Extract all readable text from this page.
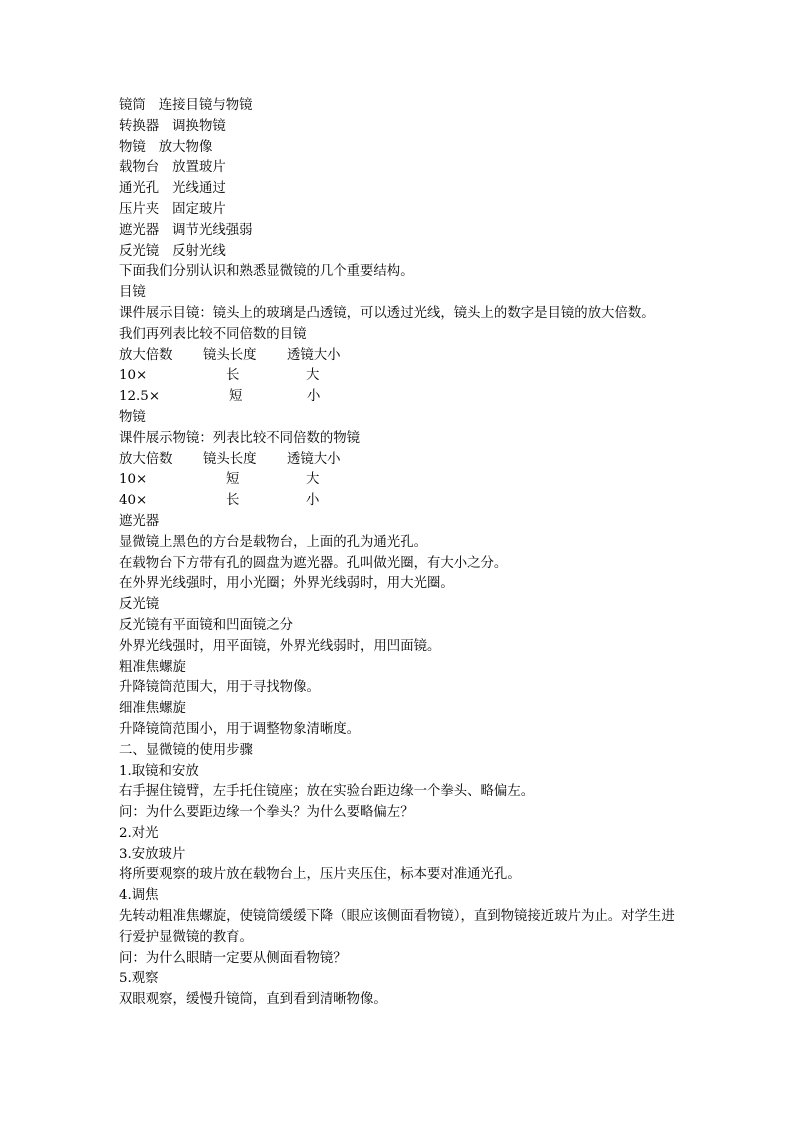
镜筒 连接目镜与物镜
转换器 调换物镜
物镜 放大物像
载物台 放置玻片
通光孔 光线通过
压片夹 固定玻片
遮光器 调节光线强弱
反光镜 反射光线
下面我们分别认识和熟悉显微镜的几个重要结构。
目镜
课件展示目镜：镜头上的玻璃是凸透镜，可以透过光线，镜头上的数字是目镜的放大倍数。
我们再列表比较不同倍数的目镜
放大倍数 镜头长度 透镜大小
10×	长	大
12.5×	短	小
物镜
课件展示物镜：列表比较不同倍数的物镜
放大倍数 镜头长度 透镜大小
10×	短	大
40×	长	小
遮光器
显微镜上黑色的方台是载物台，上面的孔为通光孔。
在载物台下方带有孔的圆盘为遮光器。孔叫做光圈，有大小之分。
在外界光线强时，用小光圈；外界光线弱时，用大光圈。
反光镜
反光镜有平面镜和凹面镜之分
外界光线强时，用平面镜，外界光线弱时，用凹面镜。
粗准焦螺旋
升降镜筒范围大，用于寻找物像。
细准焦螺旋
升降镜筒范围小，用于调整物象清晰度。
二、显微镜的使用步骤
1.取镜和安放
右手握住镜臂，左手托住镜座；放在实验台距边缘一个拳头、略偏左。
问：为什么要距边缘一个拳头？为什么要略偏左？
2.对光
3.安放玻片
将所要观察的玻片放在载物台上，压片夹压住，标本要对准通光孔。
4.调焦
先转动粗准焦螺旋，使镜筒缓缓下降（眼应该侧面看物镜），直到物镜接近玻片为止。对学生进行爱护显微镜的教育。
问：为什么眼睛一定要从侧面看物镜？
5.观察
双眼观察，缓慢升镜筒，直到看到清晰物像。
